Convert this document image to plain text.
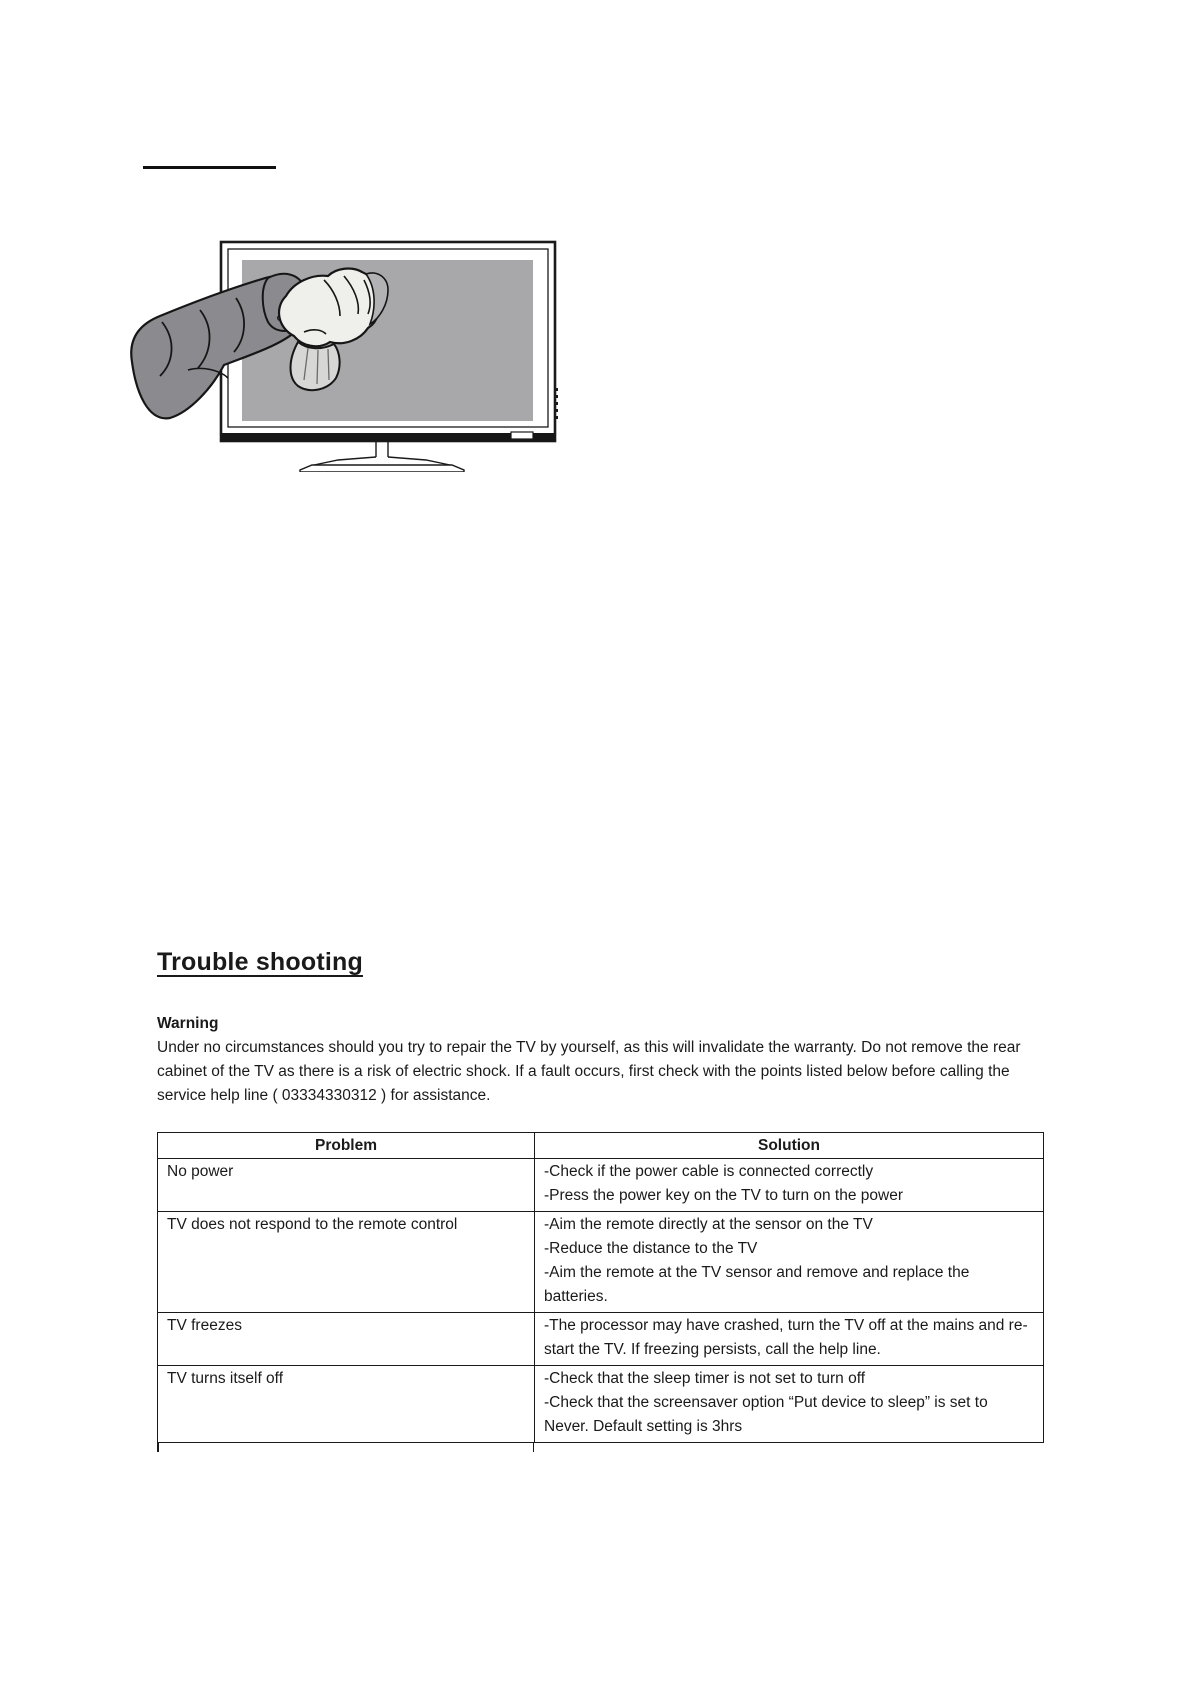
Trouble shooting
Warning
Under no circumstances should you try to repair the TV by yourself, as this will invalidate the warranty. Do not remove the rear cabinet of the TV as there is a risk of electric shock. If a fault occurs, first check with the points listed below before calling the service help line ( 03334330312 ) for assistance.
Problem	Solution
No power	-Check if the power cable is connected correctly
-Press the power key on the TV to turn on the power

TV does not respond to the remote control	-Aim the remote directly at the sensor on the TV
-Reduce the distance to the TV
-Aim the remote at the TV sensor and remove and replace the batteries.

TV freezes	-The processor may have crashed, turn the TV off at the mains and re-start the TV. If freezing persists, call the help line.

TV turns itself off	-Check that the sleep timer is not set to turn off
-Check that the screensaver option “Put device to sleep” is set to Never. Default setting is 3hrs
